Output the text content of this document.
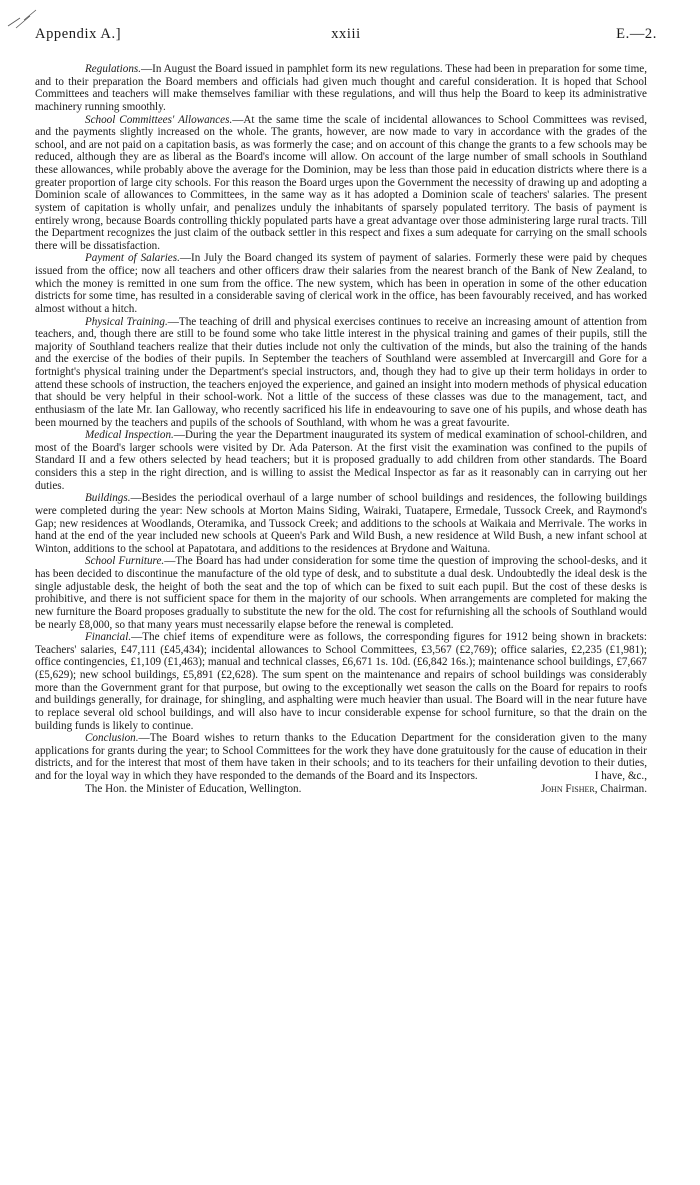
Appendix A.]	xxiii	E.—2.

Regulations.—In August the Board issued in pamphlet form its new regulations. These had been in preparation for some time, and to their preparation the Board members and officials had given much thought and careful consideration. It is hoped that School Committees and teachers will make themselves familiar with these regulations, and will thus help the Board to keep its administrative machinery running smoothly.

School Committees' Allowances.—At the same time the scale of incidental allowances to School Committees was revised, and the payments slightly increased on the whole. The grants, however, are now made to vary in accordance with the grades of the school, and are not paid on a capitation basis, as was formerly the case; and on account of this change the grants to a few schools may be reduced, although they are as liberal as the Board's income will allow. On account of the large number of small schools in Southland these allowances, while probably above the average for the Dominion, may be less than those paid in education districts where there is a greater proportion of large city schools. For this reason the Board urges upon the Government the necessity of drawing up and adopting a Dominion scale of allowances to Committees, in the same way as it has adopted a Dominion scale of teachers' salaries. The present system of capitation is wholly unfair, and penalizes unduly the inhabitants of sparsely populated territory. The basis of payment is entirely wrong, because Boards controlling thickly populated parts have a great advantage over those administering large rural tracts. Till the Department recognizes the just claim of the outback settler in this respect and fixes a sum adequate for carrying on the small schools there will be dissatisfaction.

Payment of Salaries.—In July the Board changed its system of payment of salaries. Formerly these were paid by cheques issued from the office; now all teachers and other officers draw their salaries from the nearest branch of the Bank of New Zealand, to which the money is remitted in one sum from the office. The new system, which has been in operation in some of the other education districts for some time, has resulted in a considerable saving of clerical work in the office, has been favourably received, and has worked almost without a hitch.

Physical Training.—The teaching of drill and physical exercises continues to receive an increasing amount of attention from teachers, and, though there are still to be found some who take little interest in the physical training and games of their pupils, still the majority of Southland teachers realize that their duties include not only the cultivation of the minds, but also the training of the hands and the exercise of the bodies of their pupils. In September the teachers of Southland were assembled at Invercargill and Gore for a fortnight's physical training under the Department's special instructors, and, though they had to give up their term holidays in order to attend these schools of instruction, the teachers enjoyed the experience, and gained an insight into modern methods of physical education that should be very helpful in their school-work. Not a little of the success of these classes was due to the management, tact, and enthusiasm of the late Mr. Ian Galloway, who recently sacrificed his life in endeavouring to save one of his pupils, and whose death has been mourned by the teachers and pupils of the schools of Southland, with whom he was a great favourite.

Medical Inspection.—During the year the Department inaugurated its system of medical examination of school-children, and most of the Board's larger schools were visited by Dr. Ada Paterson. At the first visit the examination was confined to the pupils of Standard II and a few others selected by head teachers; but it is proposed gradually to add children from other standards. The Board considers this a step in the right direction, and is willing to assist the Medical Inspector as far as it reasonably can in carrying out her duties.

Buildings.—Besides the periodical overhaul of a large number of school buildings and residences, the following buildings were completed during the year: New schools at Morton Mains Siding, Wairaki, Tuatapere, Ermedale, Tussock Creek, and Raymond's Gap; new residences at Woodlands, Oteramika, and Tussock Creek; and additions to the schools at Waikaia and Merrivale. The works in hand at the end of the year included new schools at Queen's Park and Wild Bush, a new residence at Wild Bush, a new infant school at Winton, additions to the school at Papatotara, and additions to the residences at Brydone and Waituna.

School Furniture.—The Board has had under consideration for some time the question of improving the school-desks, and it has been decided to discontinue the manufacture of the old type of desk, and to substitute a dual desk. Undoubtedly the ideal desk is the single adjustable desk, the height of both the seat and the top of which can be fixed to suit each pupil. But the cost of these desks is prohibitive, and there is not sufficient space for them in the majority of our schools. When arrangements are completed for making the new furniture the Board proposes gradually to substitute the new for the old. The cost for refurnishing all the schools of Southland would be nearly £8,000, so that many years must necessarily elapse before the renewal is completed.

Financial.—The chief items of expenditure were as follows, the corresponding figures for 1912 being shown in brackets: Teachers' salaries, £47,111 (£45,434); incidental allowances to School Committees, £3,567 (£2,769); office salaries, £2,235 (£1,981); office contingencies, £1,109 (£1,463); manual and technical classes, £6,671 1s. 10d. (£6,842 16s.); maintenance school buildings, £7,667 (£5,629); new school buildings, £5,891 (£2,628). The sum spent on the maintenance and repairs of school buildings was considerably more than the Government grant for that purpose, but owing to the exceptionally wet season the calls on the Board for repairs to roofs and buildings generally, for drainage, for shingling, and asphalting were much heavier than usual. The Board will in the near future have to replace several old school buildings, and will also have to incur considerable expense for school furniture, so that the drain on the building funds is likely to continue.

Conclusion.—The Board wishes to return thanks to the Education Department for the consideration given to the many applications for grants during the year; to School Committees for the work they have done gratuitously for the cause of education in their districts, and for the interest that most of them have taken in their schools; and to its teachers for their unfailing devotion to their duties, and for the loyal way in which they have responded to the demands of the Board and its Inspectors.

The Hon. the Minister of Education, Wellington.
I have, &c.,
John Fisher, Chairman.
